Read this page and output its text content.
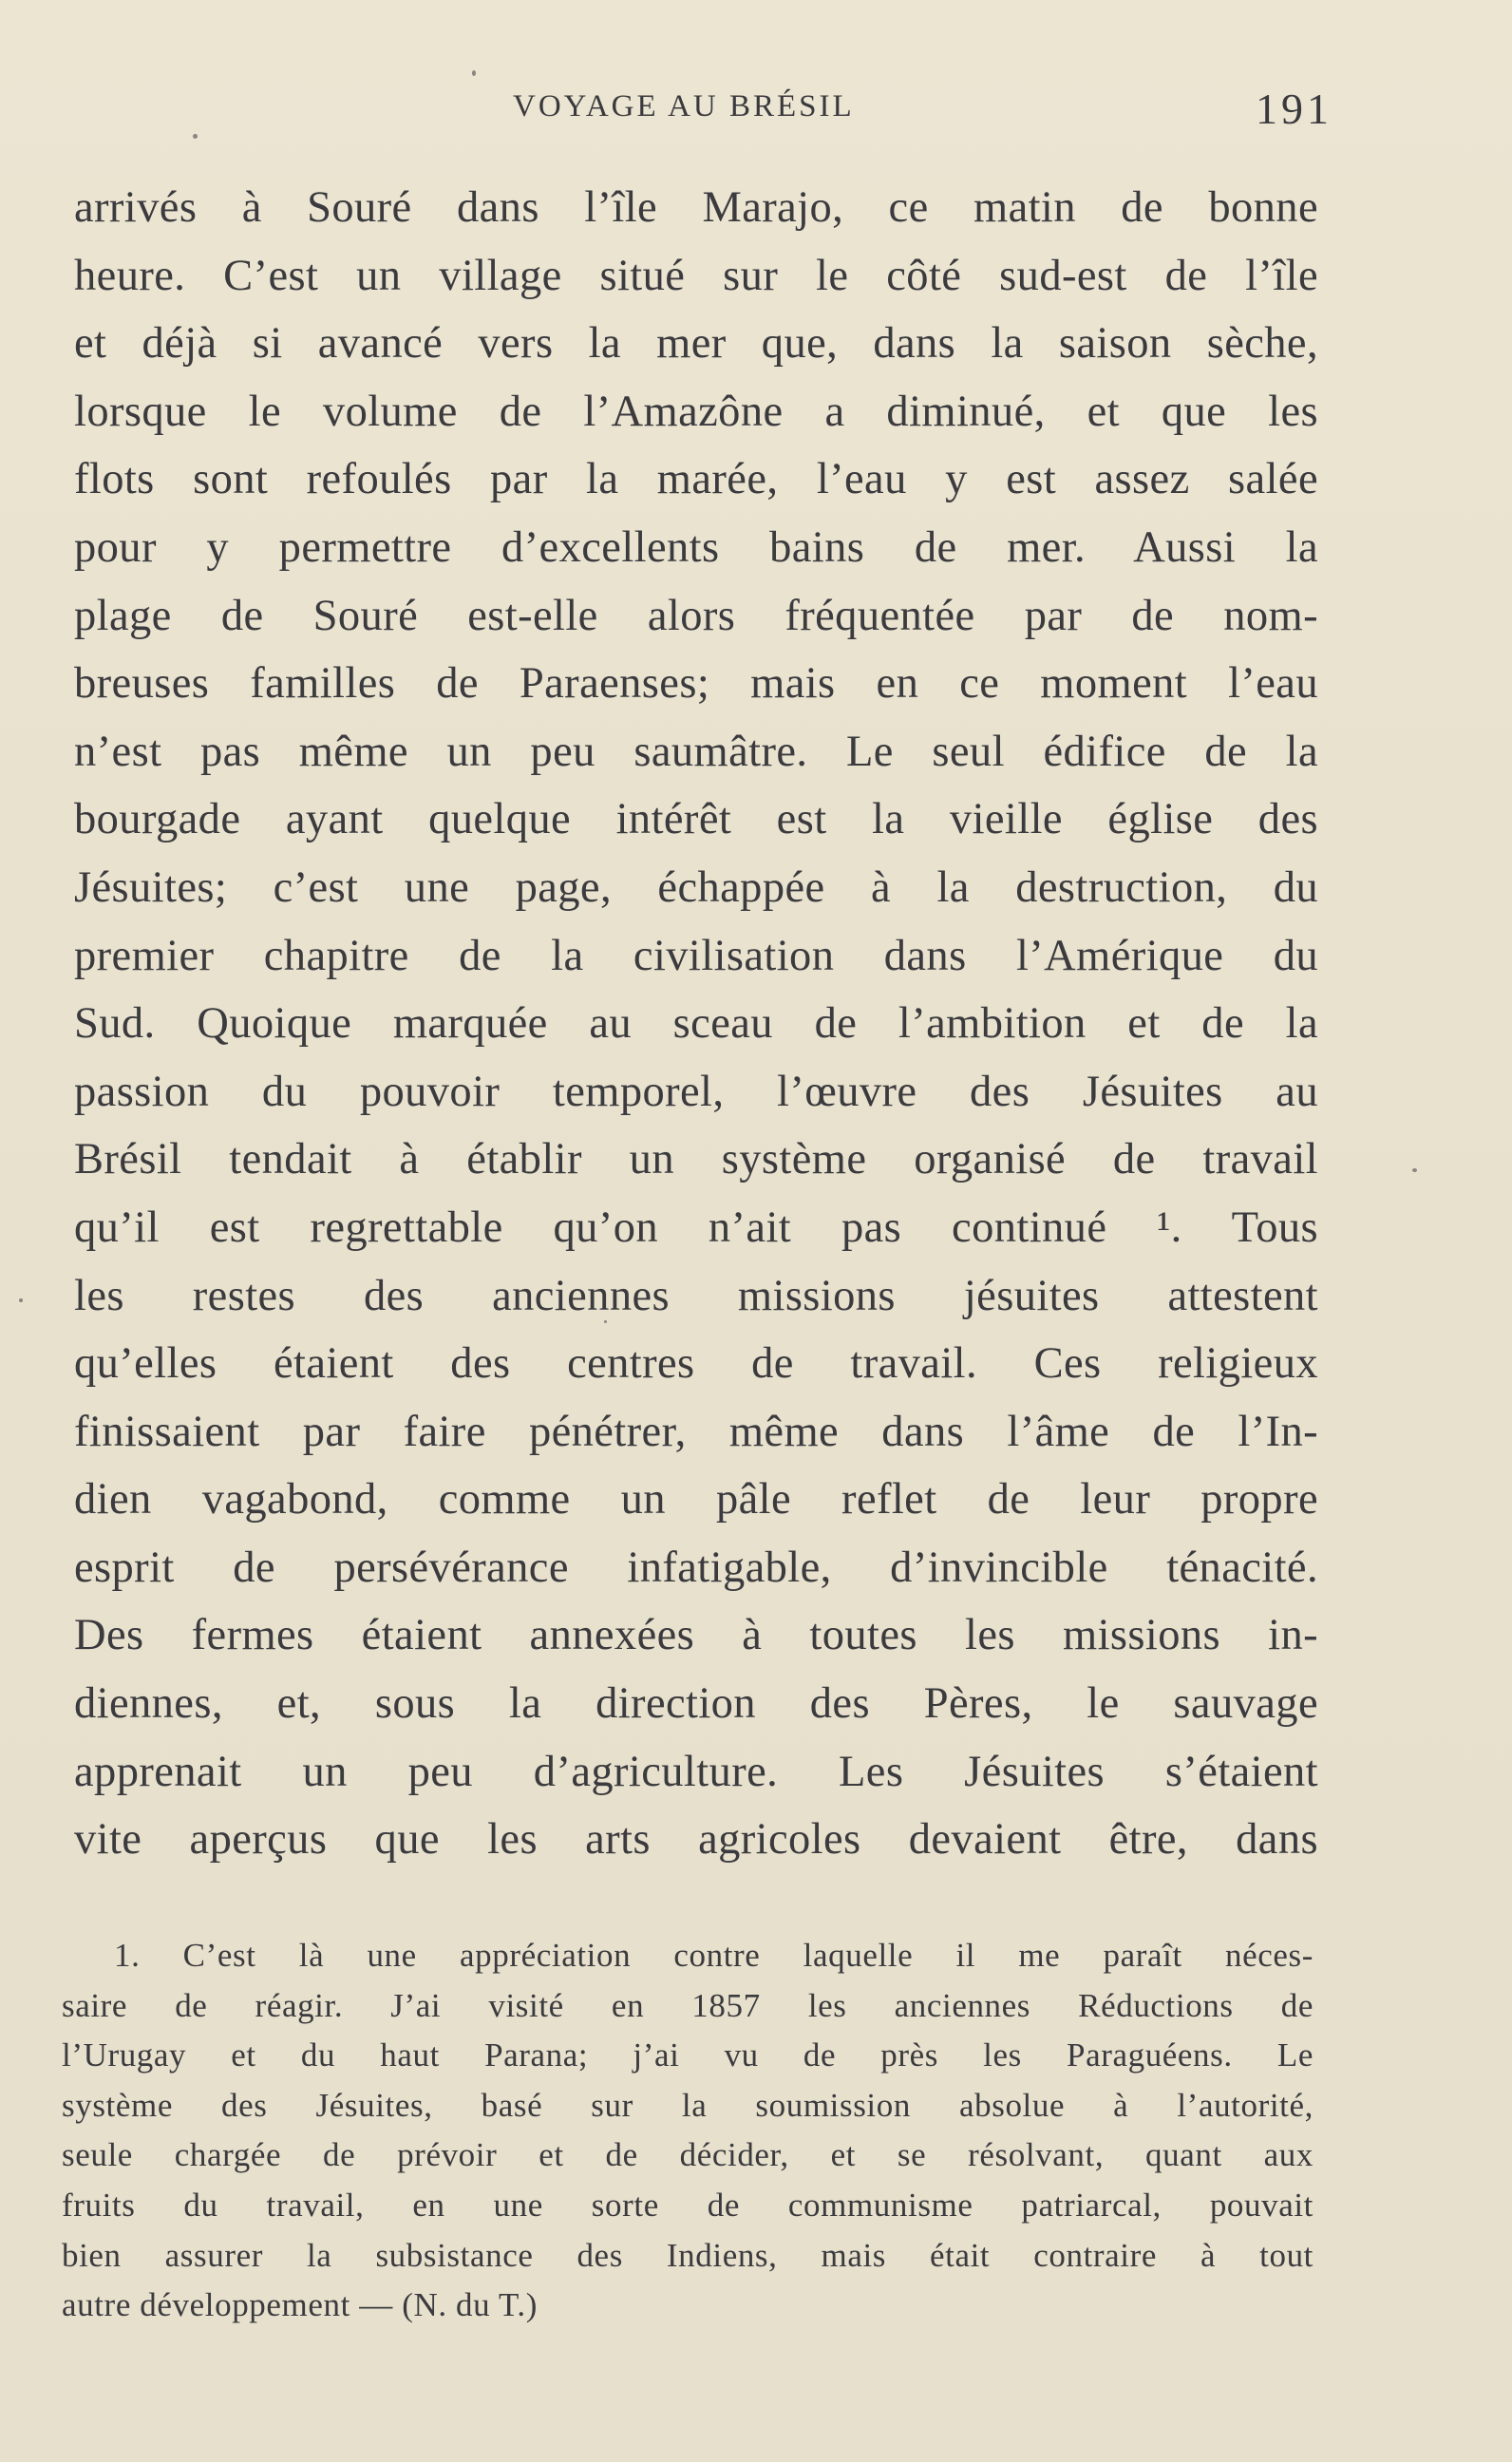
VOYAGE AU BRÉSIL	191
arrivés à Souré dans l’île Marajo, ce matin de bonne
heure. C’est un village situé sur le côté sud-est de l’île
et déjà si avancé vers la mer que, dans la saison sèche,
lorsque le volume de l’Amazône a diminué, et que les
flots sont refoulés par la marée, l’eau y est assez salée
pour y permettre d’excellents bains de mer. Aussi la
plage de Souré est-elle alors fréquentée par de nom-
breuses familles de Paraenses; mais en ce moment l’eau
n’est pas même un peu saumâtre. Le seul édifice de la
bourgade ayant quelque intérêt est la vieille église des
Jésuites; c’est une page, échappée à la destruction, du
premier chapitre de la civilisation dans l’Amérique du
Sud. Quoique marquée au sceau de l’ambition et de la
passion du pouvoir temporel, l’œuvre des Jésuites au
Brésil tendait à établir un système organisé de travail
qu’il est regrettable qu’on n’ait pas continué ¹. Tous
les restes des anciennes missions jésuites attestent
qu’elles étaient des centres de travail. Ces religieux
finissaient par faire pénétrer, même dans l’âme de l’In-
dien vagabond, comme un pâle reflet de leur propre
esprit de persévérance infatigable, d’invincible ténacité.
Des fermes étaient annexées à toutes les missions in-
diennes, et, sous la direction des Pères, le sauvage
apprenait un peu d’agriculture. Les Jésuites s’étaient
vite aperçus que les arts agricoles devaient être, dans
1. C’est là une appréciation contre laquelle il me paraît néces-
saire de réagir. J’ai visité en 1857 les anciennes Réductions de
l’Urugay et du haut Parana; j’ai vu de près les Paraguéens. Le
système des Jésuites, basé sur la soumission absolue à l’autorité,
seule chargée de prévoir et de décider, et se résolvant, quant aux
fruits du travail, en une sorte de communisme patriarcal, pouvait
bien assurer la subsistance des Indiens, mais était contraire à tout
autre développement — (N. du T.)
